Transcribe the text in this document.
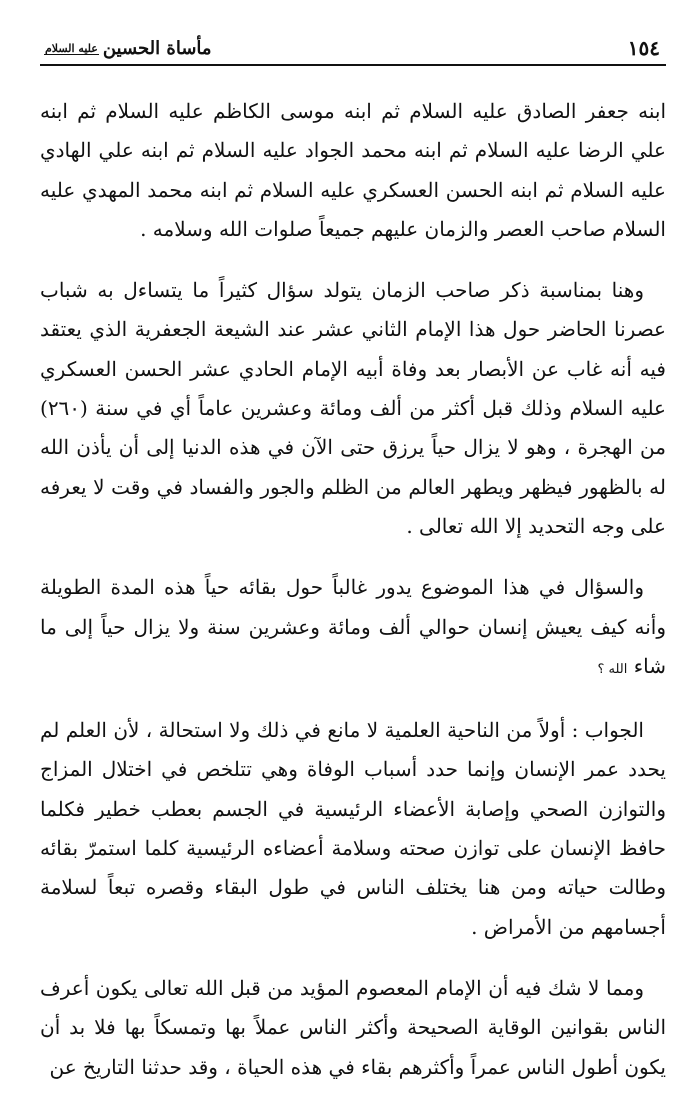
١٥٤
مأساة الحسين
عليه السلام

ابنه جعفر الصادق عليه السلام ثم ابنه موسى الكاظم عليه السلام ثم ابنه علي الرضا عليه السلام ثم ابنه محمد الجواد عليه السلام ثم ابنه علي الهادي عليه السلام ثم ابنه الحسن العسكري عليه السلام ثم ابنه محمد المهدي عليه السلام صاحب العصر والزمان عليهم جميعاً صلوات الله وسلامه .

وهنا بمناسبة ذكر صاحب الزمان يتولد سؤال كثيراً ما يتساءل به شباب عصرنا الحاضر حول هذا الإمام الثاني عشر عند الشيعة الجعفرية الذي يعتقد فيه أنه غاب عن الأبصار بعد وفاة أبيه الإمام الحادي عشر الحسن العسكري عليه السلام وذلك قبل أكثر من ألف ومائة وعشرين عاماً أي في سنة (٢٦٠) من الهجرة ، وهو لا يزال حياً يرزق حتى الآن في هذه الدنيا إلى أن يأذن الله له بالظهور فيظهر ويطهر العالم من الظلم والجور والفساد في وقت لا يعرفه على وجه التحديد إلا الله تعالى .

والسؤال في هذا الموضوع يدور غالباً حول بقائه حياً هذه المدة الطويلة وأنه كيف يعيش إنسان حوالي ألف ومائة وعشرين سنة ولا يزال حياً إلى ما شاء الله ؟

الجواب : أولاً من الناحية العلمية لا مانع في ذلك ولا استحالة ، لأن العلم لم يحدد عمر الإنسان وإنما حدد أسباب الوفاة وهي تتلخص في اختلال المزاج والتوازن الصحي وإصابة الأعضاء الرئيسية في الجسم بعطب خطير فكلما حافظ الإنسان على توازن صحته وسلامة أعضاءه الرئيسية كلما استمرّ بقائه وطالت حياته ومن هنا يختلف الناس في طول البقاء وقصره تبعاً لسلامة أجسامهم من الأمراض .

ومما لا شك فيه أن الإمام المعصوم المؤيد من قبل الله تعالى يكون أعرف الناس بقوانين الوقاية الصحيحة وأكثر الناس عملاً بها وتمسكاً بها فلا بد أن يكون أطول الناس عمراً وأكثرهم بقاء في هذه الحياة ، وقد حدثنا التاريخ عن
